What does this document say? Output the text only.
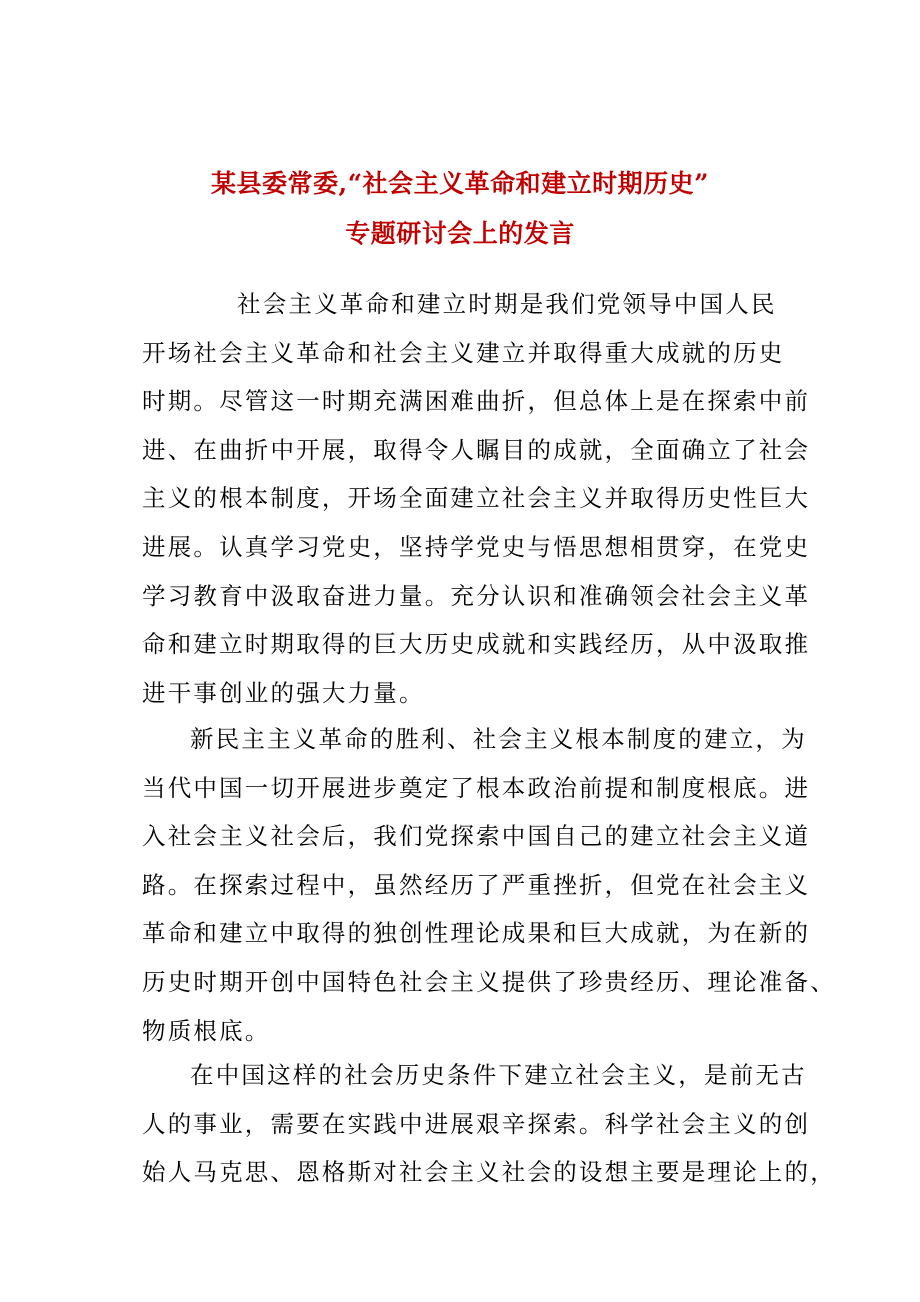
某县委常委,“社会主义革命和建立时期历史”
专题研讨会上的发言
社会主义革命和建立时期是我们党领导中国人民
开场社会主义革命和社会主义建立并取得重大成就的历史
时期。尽管这一时期充满困难曲折，但总体上是在探索中前
进、在曲折中开展，取得令人瞩目的成就，全面确立了社会
主义的根本制度，开场全面建立社会主义并取得历史性巨大
进展。认真学习党史，坚持学党史与悟思想相贯穿，在党史
学习教育中汲取奋进力量。充分认识和准确领会社会主义革
命和建立时期取得的巨大历史成就和实践经历，从中汲取推
进干事创业的强大力量。
新民主主义革命的胜利、社会主义根本制度的建立，为
当代中国一切开展进步奠定了根本政治前提和制度根底。进
入社会主义社会后，我们党探索中国自己的建立社会主义道
路。在探索过程中，虽然经历了严重挫折，但党在社会主义
革命和建立中取得的独创性理论成果和巨大成就，为在新的
历史时期开创中国特色社会主义提供了珍贵经历、理论准备、
物质根底。
在中国这样的社会历史条件下建立社会主义，是前无古
人的事业，需要在实践中进展艰辛探索。科学社会主义的创
始人马克思、恩格斯对社会主义社会的设想主要是理论上的，
